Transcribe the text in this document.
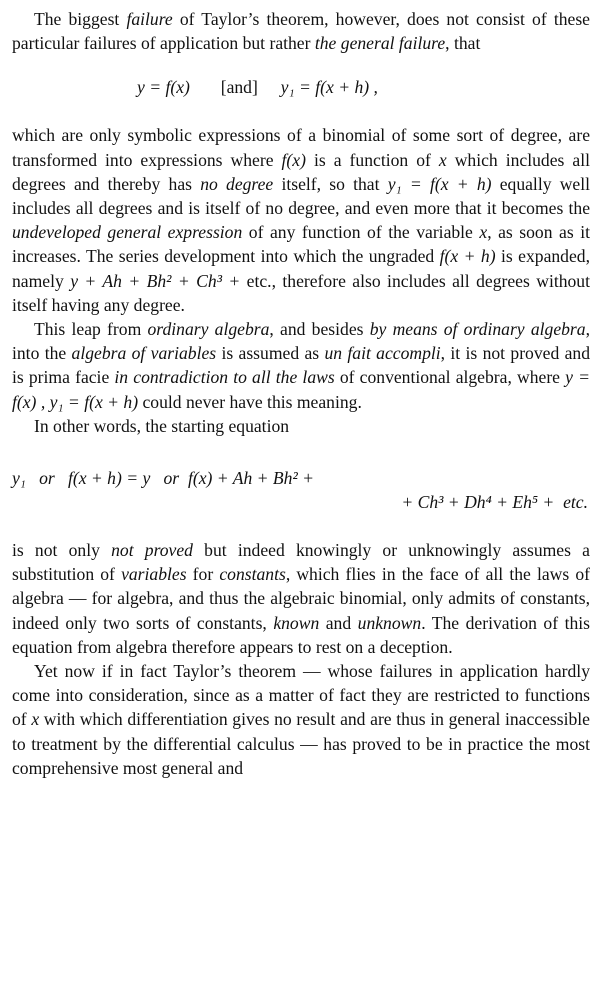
The biggest failure of Taylor’s theorem, however, does not consist of these particular failures of application but rather the general failure, that

y = f(x) [and] y₁ = f(x + h) ,

which are only symbolic expressions of a binomial of some sort of degree, are transformed into expressions where f(x) is a function of x which includes all degrees and thereby has no degree itself, so that y₁ = f(x + h) equally well includes all degrees and is itself of no degree, and even more that it becomes the undeveloped general expression of any function of the variable x, as soon as it increases. The series development into which the ungraded f(x + h) is expanded, namely y + Ah + Bh² + Ch³ + etc., therefore also includes all degrees without itself having any degree.

This leap from ordinary algebra, and besides by means of ordinary algebra, into the algebra of variables is assumed as un fait accompli, it is not proved and is prima facie in contradiction to all the laws of conventional algebra, where y = f(x) , y₁ = f(x + h) could never have this meaning.

In other words, the starting equation

y₁   or   f(x + h) = y   or  f(x) + Ah + Bh² +
+ Ch³ + Dh⁴ + Eh⁵ +  etc.

is not only not proved but indeed knowingly or unknowingly assumes a substitution of variables for constants, which flies in the face of all the laws of algebra — for algebra, and thus the algebraic binomial, only admits of constants, indeed only two sorts of constants, known and unknown. The derivation of this equation from algebra therefore appears to rest on a deception.

Yet now if in fact Taylor’s theorem — whose failures in application hardly come into consideration, since as a matter of fact they are restricted to functions of x with which differentiation gives no result and are thus in general inaccessible to treatment by the differential calculus — has proved to be in practice the most comprehensive most general and
